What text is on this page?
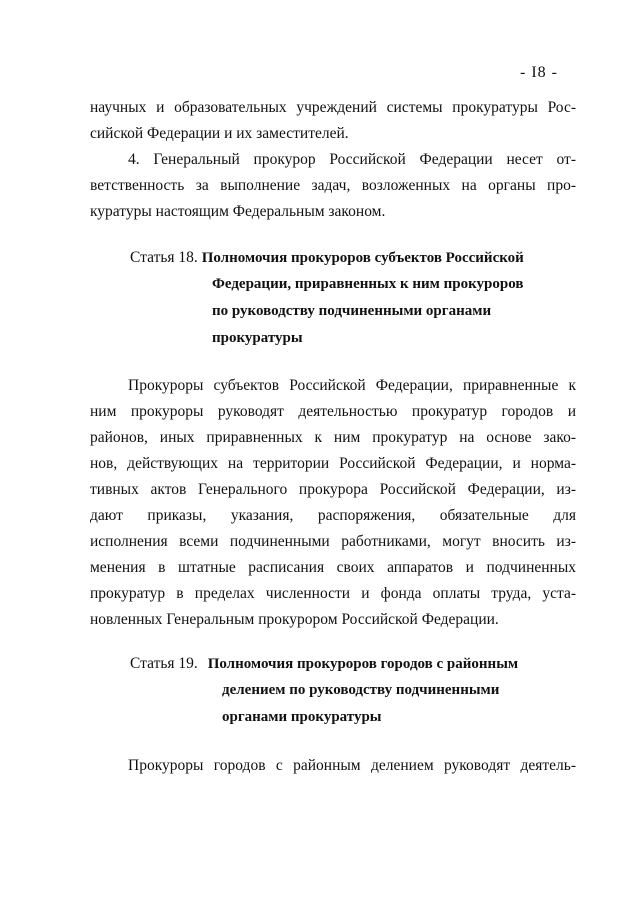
- I8 -
научных и образовательных учреждений системы прокуратуры Рос-
сийской Федерации и их заместителей.
4. Генеральный прокурор Российской Федерации несет от-
ветственность за выполнение задач, возложенных на органы про-
куратуры настоящим Федеральным законом.
Статья 18. Полномочия прокуроров субъектов Российской
Федерации, приравненных к ним прокуроров
по руководству подчиненными органами
прокуратуры
Прокуроры субъектов Российской Федерации, приравненные к
ним прокуроры руководят деятельностью прокуратур городов и
районов, иных приравненных к ним прокуратур на основе зако-
нов, действующих на территории Российской Федерации, и норма-
тивных актов Генерального прокурора Российской Федерации, из-
дают приказы, указания, распоряжения, обязательные для
исполнения всеми подчиненными работниками, могут вносить из-
менения в штатные расписания своих аппаратов и подчиненных
прокуратур в пределах численности и фонда оплаты труда, уста-
новленных Генеральным прокурором Российской Федерации.
Статья 19. Полномочия прокуроров городов с районным
делением по руководству подчиненными
органами прокуратуры
Прокуроры городов с районным делением руководят деятель-
